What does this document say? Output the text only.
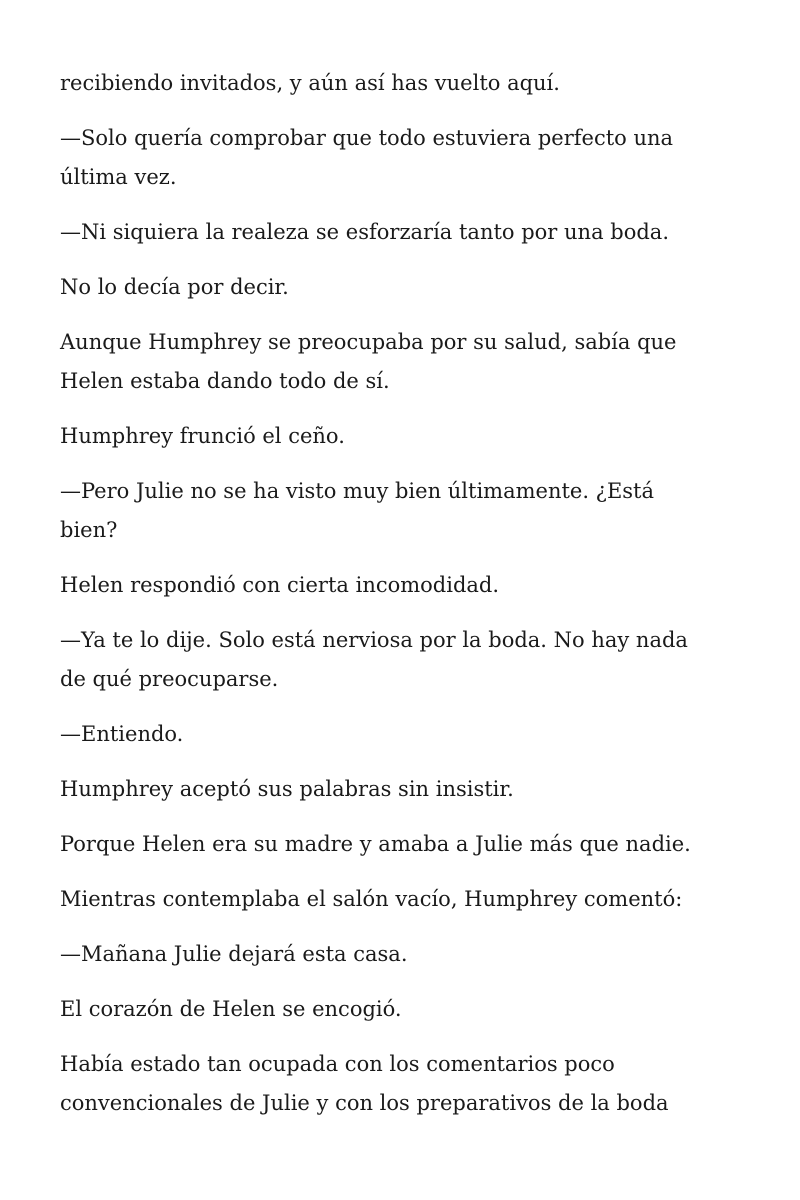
recibiendo invitados, y aún así has vuelto aquí.

—Solo quería comprobar que todo estuviera perfecto una
última vez.

—Ni siquiera la realeza se esforzaría tanto por una boda.

No lo decía por decir.

Aunque Humphrey se preocupaba por su salud, sabía que
Helen estaba dando todo de sí.

Humphrey frunció el ceño.

—Pero Julie no se ha visto muy bien últimamente. ¿Está
bien?

Helen respondió con cierta incomodidad.

—Ya te lo dije. Solo está nerviosa por la boda. No hay nada
de qué preocuparse.

—Entiendo.

Humphrey aceptó sus palabras sin insistir.

Porque Helen era su madre y amaba a Julie más que nadie.

Mientras contemplaba el salón vacío, Humphrey comentó:

—Mañana Julie dejará esta casa.

El corazón de Helen se encogió.

Había estado tan ocupada con los comentarios poco
convencionales de Julie y con los preparativos de la boda
